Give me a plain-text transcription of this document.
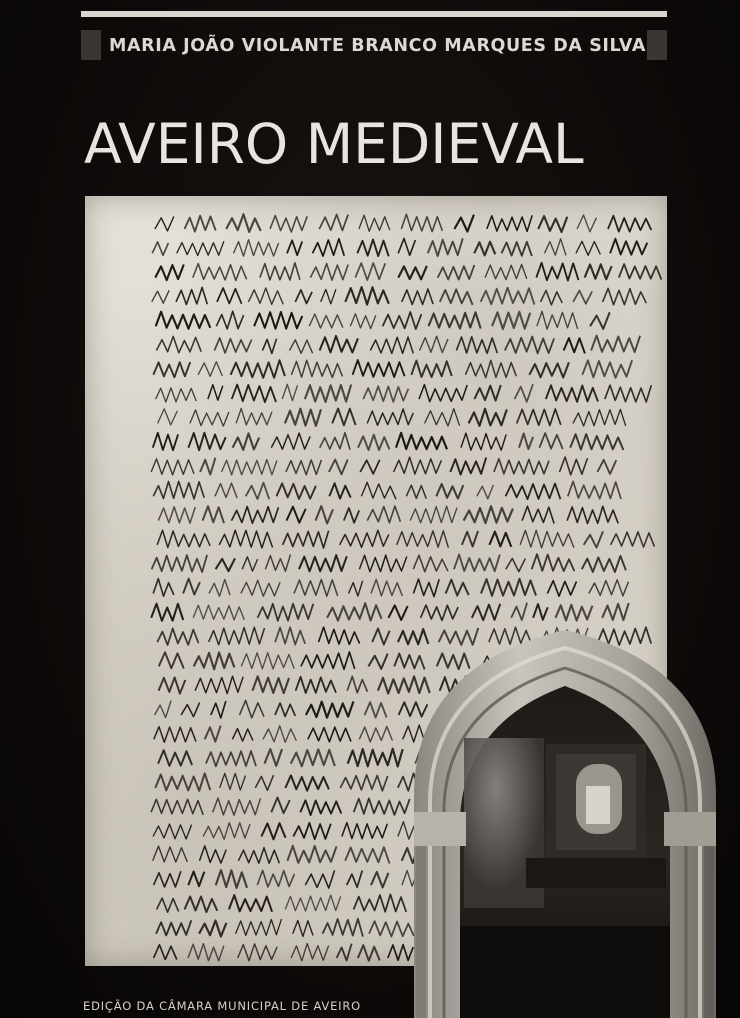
MARIA JOÃO VIOLANTE BRANCO MARQUES DA SILVA
AVEIRO MEDIEVAL
EDIÇÃO DA CÂMARA MUNICIPAL DE AVEIRO
